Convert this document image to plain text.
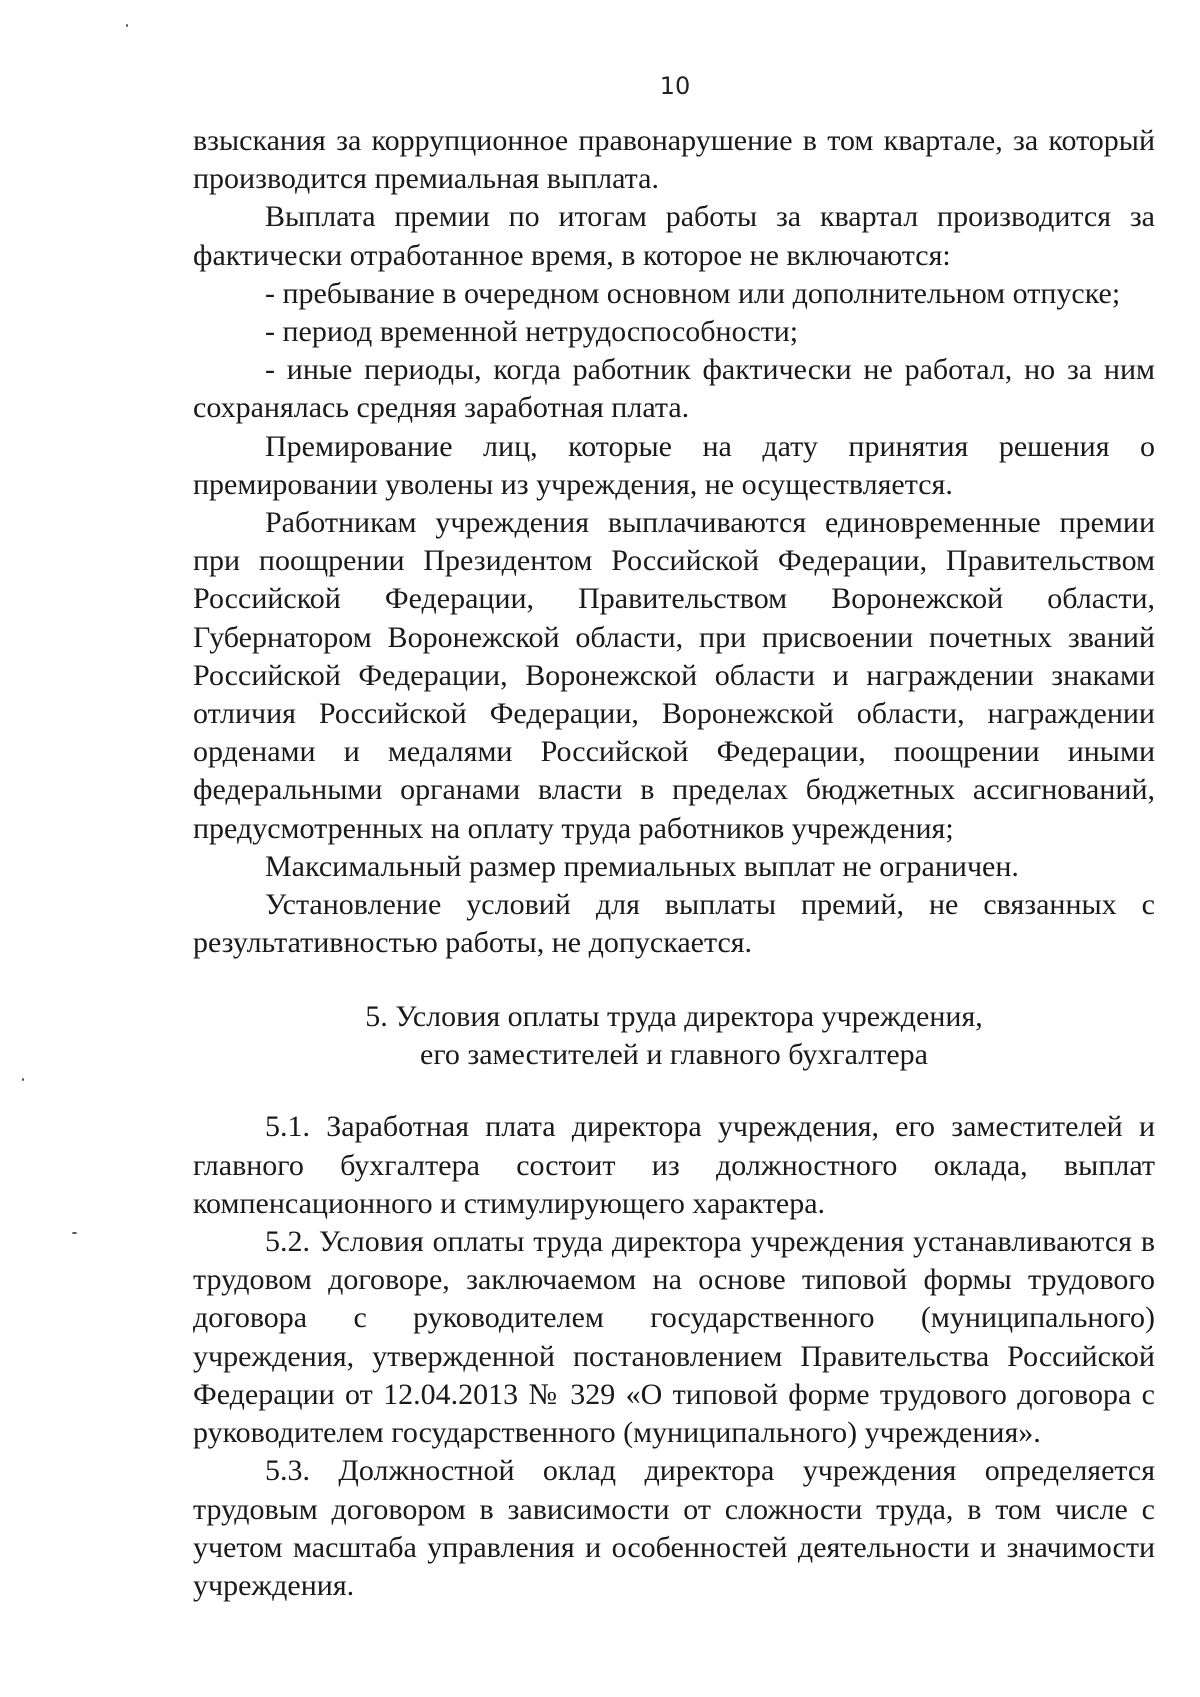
10

взыскания за коррупционное правонарушение в том квартале, за который производится премиальная выплата.

Выплата премии по итогам работы за квартал производится за фактически отработанное время, в которое не включаются:

- пребывание в очередном основном или дополнительном отпуске;

- период временной нетрудоспособности;

- иные периоды, когда работник фактически не работал, но за ним сохранялась средняя заработная плата.

Премирование лиц, которые на дату принятия решения о премировании уволены из учреждения, не осуществляется.

Работникам учреждения выплачиваются единовременные премии при поощрении Президентом Российской Федерации, Правительством Российской Федерации, Правительством Воронежской области, Губернатором Воронежской области, при присвоении почетных званий Российской Федерации, Воронежской области и награждении знаками отличия Российской Федерации, Воронежской области, награждении орденами и медалями Российской Федерации, поощрении иными федеральными органами власти в пределах бюджетных ассигнований, предусмотренных на оплату труда работников учреждения;

Максимальный размер премиальных выплат не ограничен.

Установление условий для выплаты премий, не связанных с результативностью работы, не допускается.

5. Условия оплаты труда директора учреждения,
его заместителей и главного бухгалтера

5.1. Заработная плата директора учреждения, его заместителей и главного бухгалтера состоит из должностного оклада, выплат компенсационного и стимулирующего характера.

5.2. Условия оплаты труда директора учреждения устанавливаются в трудовом договоре, заключаемом на основе типовой формы трудового договора с руководителем государственного (муниципального) учреждения, утвержденной постановлением Правительства Российской Федерации от 12.04.2013 № 329 «О типовой форме трудового договора с руководителем государственного (муниципального) учреждения».

5.3. Должностной оклад директора учреждения определяется трудовым договором в зависимости от сложности труда, в том числе с учетом масштаба управления и особенностей деятельности и значимости учреждения.
